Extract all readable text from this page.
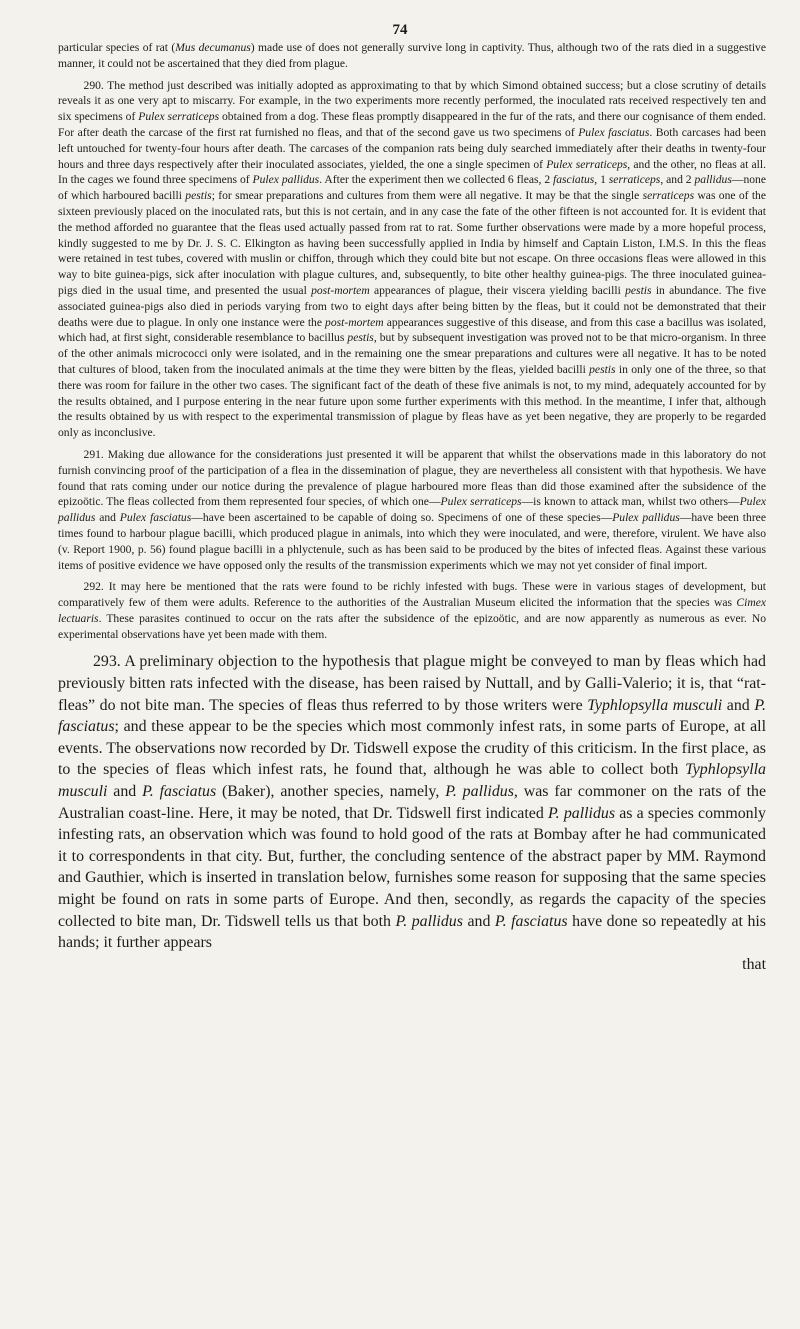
74

particular species of rat (Mus decumanus) made use of does not generally survive long in captivity. Thus, although two of the rats died in a suggestive manner, it could not be ascertained that they died from plague.

290. The method just described was initially adopted as approximating to that by which Simond obtained success; but a close scrutiny of details reveals it as one very apt to miscarry. For example, in the two experiments more recently performed, the inoculated rats received respectively ten and six specimens of Pulex serraticeps obtained from a dog. These fleas promptly disappeared in the fur of the rats, and there our cognisance of them ended. For after death the carcase of the first rat furnished no fleas, and that of the second gave us two specimens of Pulex fasciatus. Both carcases had been left untouched for twenty-four hours after death. The carcases of the companion rats being duly searched immediately after their deaths in twenty-four hours and three days respectively after their inoculated associates, yielded, the one a single specimen of Pulex serraticeps, and the other, no fleas at all. In the cages we found three specimens of Pulex pallidus. After the experiment then we collected 6 fleas, 2 fasciatus, 1 serraticeps, and 2 pallidus—none of which harboured bacilli pestis; for smear preparations and cultures from them were all negative. It may be that the single serraticeps was one of the sixteen previously placed on the inoculated rats, but this is not certain, and in any case the fate of the other fifteen is not accounted for. It is evident that the method afforded no guarantee that the fleas used actually passed from rat to rat. Some further observations were made by a more hopeful process, kindly suggested to me by Dr. J. S. C. Elkington as having been successfully applied in India by himself and Captain Liston, I.M.S. In this the fleas were retained in test tubes, covered with muslin or chiffon, through which they could bite but not escape. On three occasions fleas were allowed in this way to bite guinea-pigs, sick after inoculation with plague cultures, and, subsequently, to bite other healthy guinea-pigs. The three inoculated guinea-pigs died in the usual time, and presented the usual post-mortem appearances of plague, their viscera yielding bacilli pestis in abundance. The five associated guinea-pigs also died in periods varying from two to eight days after being bitten by the fleas, but it could not be demonstrated that their deaths were due to plague. In only one instance were the post-mortem appearances suggestive of this disease, and from this case a bacillus was isolated, which had, at first sight, considerable resemblance to bacillus pestis, but by subsequent investigation was proved not to be that micro-organism. In three of the other animals micrococci only were isolated, and in the remaining one the smear preparations and cultures were all negative. It has to be noted that cultures of blood, taken from the inoculated animals at the time they were bitten by the fleas, yielded bacilli pestis in only one of the three, so that there was room for failure in the other two cases. The significant fact of the death of these five animals is not, to my mind, adequately accounted for by the results obtained, and I purpose entering in the near future upon some further experiments with this method. In the meantime, I infer that, although the results obtained by us with respect to the experimental transmission of plague by fleas have as yet been negative, they are properly to be regarded only as inconclusive.

291. Making due allowance for the considerations just presented it will be apparent that whilst the observations made in this laboratory do not furnish convincing proof of the participation of a flea in the dissemination of plague, they are nevertheless all consistent with that hypothesis. We have found that rats coming under our notice during the prevalence of plague harboured more fleas than did those examined after the subsidence of the epizoötic. The fleas collected from them represented four species, of which one—Pulex serraticeps—is known to attack man, whilst two others—Pulex pallidus and Pulex fasciatus—have been ascertained to be capable of doing so. Specimens of one of these species—Pulex pallidus—have been three times found to harbour plague bacilli, which produced plague in animals, into which they were inoculated, and were, therefore, virulent. We have also (v. Report 1900, p. 56) found plague bacilli in a phlyctenule, such as has been said to be produced by the bites of infected fleas. Against these various items of positive evidence we have opposed only the results of the transmission experiments which we may not yet consider of final import.

292. It may here be mentioned that the rats were found to be richly infested with bugs. These were in various stages of development, but comparatively few of them were adults. Reference to the authorities of the Australian Museum elicited the information that the species was Cimex lectuaris. These parasites continued to occur on the rats after the subsidence of the epizoötic, and are now apparently as numerous as ever. No experimental observations have yet been made with them.

293. A preliminary objection to the hypothesis that plague might be conveyed to man by fleas which had previously bitten rats infected with the disease, has been raised by Nuttall, and by Galli-Valerio; it is, that “rat-fleas” do not bite man. The species of fleas thus referred to by those writers were Typhlopsylla musculi and P. fasciatus; and these appear to be the species which most commonly infest rats, in some parts of Europe, at all events. The observations now recorded by Dr. Tidswell expose the crudity of this criticism. In the first place, as to the species of fleas which infest rats, he found that, although he was able to collect both Typhlopsylla musculi and P. fasciatus (Baker), another species, namely, P. pallidus, was far commoner on the rats of the Australian coast-line. Here, it may be noted, that Dr. Tidswell first indicated P. pallidus as a species commonly infesting rats, an observation which was found to hold good of the rats at Bombay after he had communicated it to correspondents in that city. But, further, the concluding sentence of the abstract paper by MM. Raymond and Gauthier, which is inserted in translation below, furnishes some reason for supposing that the same species might be found on rats in some parts of Europe. And then, secondly, as regards the capacity of the species collected to bite man, Dr. Tidswell tells us that both P. pallidus and P. fasciatus have done so repeatedly at his hands; it further appears

that
